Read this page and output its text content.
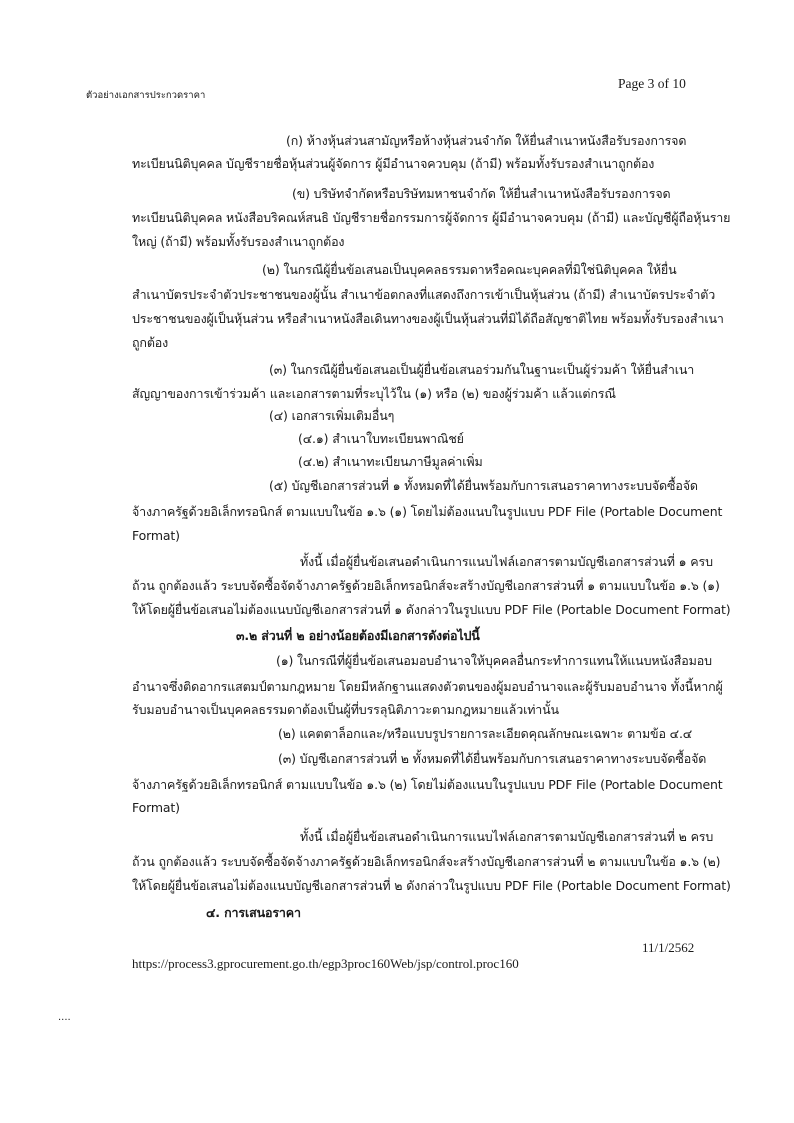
ตัวอย่างเอกสารประกวดราคา
Page 3 of 10
(ก) ห้างหุ้นส่วนสามัญหรือห้างหุ้นส่วนจำกัด ให้ยื่นสำเนาหนังสือรับรองการจด
ทะเบียนนิติบุคคล บัญชีรายชื่อหุ้นส่วนผู้จัดการ ผู้มีอำนาจควบคุม (ถ้ามี) พร้อมทั้งรับรองสำเนาถูกต้อง
(ข) บริษัทจำกัดหรือบริษัทมหาชนจำกัด ให้ยื่นสำเนาหนังสือรับรองการจด
ทะเบียนนิติบุคคล หนังสือบริคณห์สนธิ บัญชีรายชื่อกรรมการผู้จัดการ ผู้มีอำนาจควบคุม (ถ้ามี) และบัญชีผู้ถือหุ้นราย
ใหญ่ (ถ้ามี) พร้อมทั้งรับรองสำเนาถูกต้อง
(๒) ในกรณีผู้ยื่นข้อเสนอเป็นบุคคลธรรมดาหรือคณะบุคคลที่มิใช่นิติบุคคล ให้ยื่น
สำเนาบัตรประจำตัวประชาชนของผู้นั้น สำเนาข้อตกลงที่แสดงถึงการเข้าเป็นหุ้นส่วน (ถ้ามี) สำเนาบัตรประจำตัว
ประชาชนของผู้เป็นหุ้นส่วน หรือสำเนาหนังสือเดินทางของผู้เป็นหุ้นส่วนที่มิได้ถือสัญชาติไทย พร้อมทั้งรับรองสำเนา
ถูกต้อง
(๓) ในกรณีผู้ยื่นข้อเสนอเป็นผู้ยื่นข้อเสนอร่วมกันในฐานะเป็นผู้ร่วมค้า ให้ยื่นสำเนา
สัญญาของการเข้าร่วมค้า และเอกสารตามที่ระบุไว้ใน (๑) หรือ (๒) ของผู้ร่วมค้า แล้วแต่กรณี
(๔) เอกสารเพิ่มเติมอื่นๆ
(๔.๑) สำเนาใบทะเบียนพาณิชย์
(๔.๒) สำเนาทะเบียนภาษีมูลค่าเพิ่ม
(๕) บัญชีเอกสารส่วนที่ ๑ ทั้งหมดที่ได้ยื่นพร้อมกับการเสนอราคาทางระบบจัดซื้อจัด
จ้างภาครัฐด้วยอิเล็กทรอนิกส์ ตามแบบในข้อ ๑.๖ (๑) โดยไม่ต้องแนบในรูปแบบ PDF File (Portable Document
Format)
ทั้งนี้ เมื่อผู้ยื่นข้อเสนอดำเนินการแนบไฟล์เอกสารตามบัญชีเอกสารส่วนที่ ๑ ครบ
ถ้วน ถูกต้องแล้ว ระบบจัดซื้อจัดจ้างภาครัฐด้วยอิเล็กทรอนิกส์จะสร้างบัญชีเอกสารส่วนที่ ๑ ตามแบบในข้อ ๑.๖ (๑)
ให้โดยผู้ยื่นข้อเสนอไม่ต้องแนบบัญชีเอกสารส่วนที่ ๑ ดังกล่าวในรูปแบบ PDF File (Portable Document Format)
๓.๒ ส่วนที่ ๒ อย่างน้อยต้องมีเอกสารดังต่อไปนี้
(๑) ในกรณีที่ผู้ยื่นข้อเสนอมอบอำนาจให้บุคคลอื่นกระทำการแทนให้แนบหนังสือมอบ
อำนาจซึ่งติดอากรแสตมป์ตามกฎหมาย โดยมีหลักฐานแสดงตัวตนของผู้มอบอำนาจและผู้รับมอบอำนาจ ทั้งนี้หากผู้
รับมอบอำนาจเป็นบุคคลธรรมดาต้องเป็นผู้ที่บรรลุนิติภาวะตามกฎหมายแล้วเท่านั้น
(๒) แคตตาล็อกและ/หรือแบบรูปรายการละเอียดคุณลักษณะเฉพาะ ตามข้อ ๔.๔
(๓) บัญชีเอกสารส่วนที่ ๒ ทั้งหมดที่ได้ยื่นพร้อมกับการเสนอราคาทางระบบจัดซื้อจัด
จ้างภาครัฐด้วยอิเล็กทรอนิกส์ ตามแบบในข้อ ๑.๖ (๒) โดยไม่ต้องแนบในรูปแบบ PDF File (Portable Document
Format)
ทั้งนี้ เมื่อผู้ยื่นข้อเสนอดำเนินการแนบไฟล์เอกสารตามบัญชีเอกสารส่วนที่ ๒ ครบ
ถ้วน ถูกต้องแล้ว ระบบจัดซื้อจัดจ้างภาครัฐด้วยอิเล็กทรอนิกส์จะสร้างบัญชีเอกสารส่วนที่ ๒ ตามแบบในข้อ ๑.๖ (๒)
ให้โดยผู้ยื่นข้อเสนอไม่ต้องแนบบัญชีเอกสารส่วนที่ ๒ ดังกล่าวในรูปแบบ PDF File (Portable Document Format)
๔. การเสนอราคา
https://process3.gprocurement.go.th/egp3proc160Web/jsp/control.proc160
11/1/2562
....
